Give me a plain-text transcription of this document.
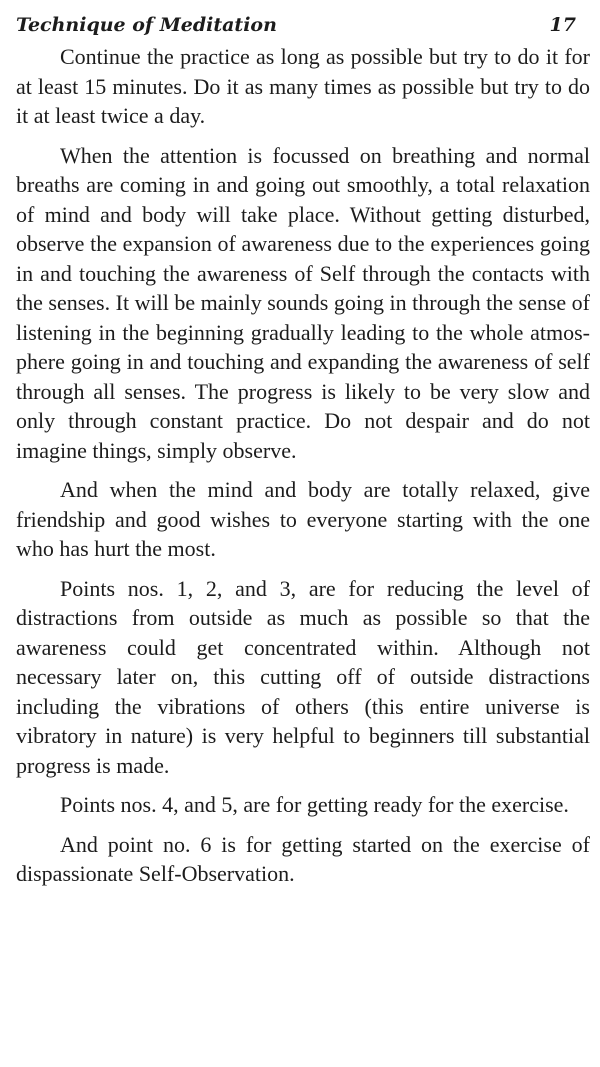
Technique of Meditation	17

Continue the practice as long as possible but try to do it for at least 15 minutes. Do it as many times as possible but try to do it at least twice a day.

When the attention is focussed on breathing and normal breaths are coming in and going out smoothly, a total relaxation of mind and body will take place. Without getting disturbed, observe the expansion of awareness due to the experiences going in and touching the awareness of Self through the contacts with the senses. It will be mainly sounds going in through the sense of listening in the beginning gradually leading to the whole atmosphere going in and touching and expanding the awareness of self through all senses. The progress is likely to be very slow and only through constant practice. Do not despair and do not imagine things, simply observe.

And when the mind and body are totally relaxed, give friendship and good wishes to everyone starting with the one who has hurt the most.

Points nos. 1, 2, and 3, are for reducing the level of distractions from outside as much as possible so that the awareness could get concentrated within. Although not necessary later on, this cutting off of outside distractions including the vibrations of others (this entire universe is vibratory in nature) is very helpful to beginners till substantial progress is made.

Points nos. 4, and 5, are for getting ready for the exercise.

And point no. 6 is for getting started on the exercise of dispassionate Self-Observation.
